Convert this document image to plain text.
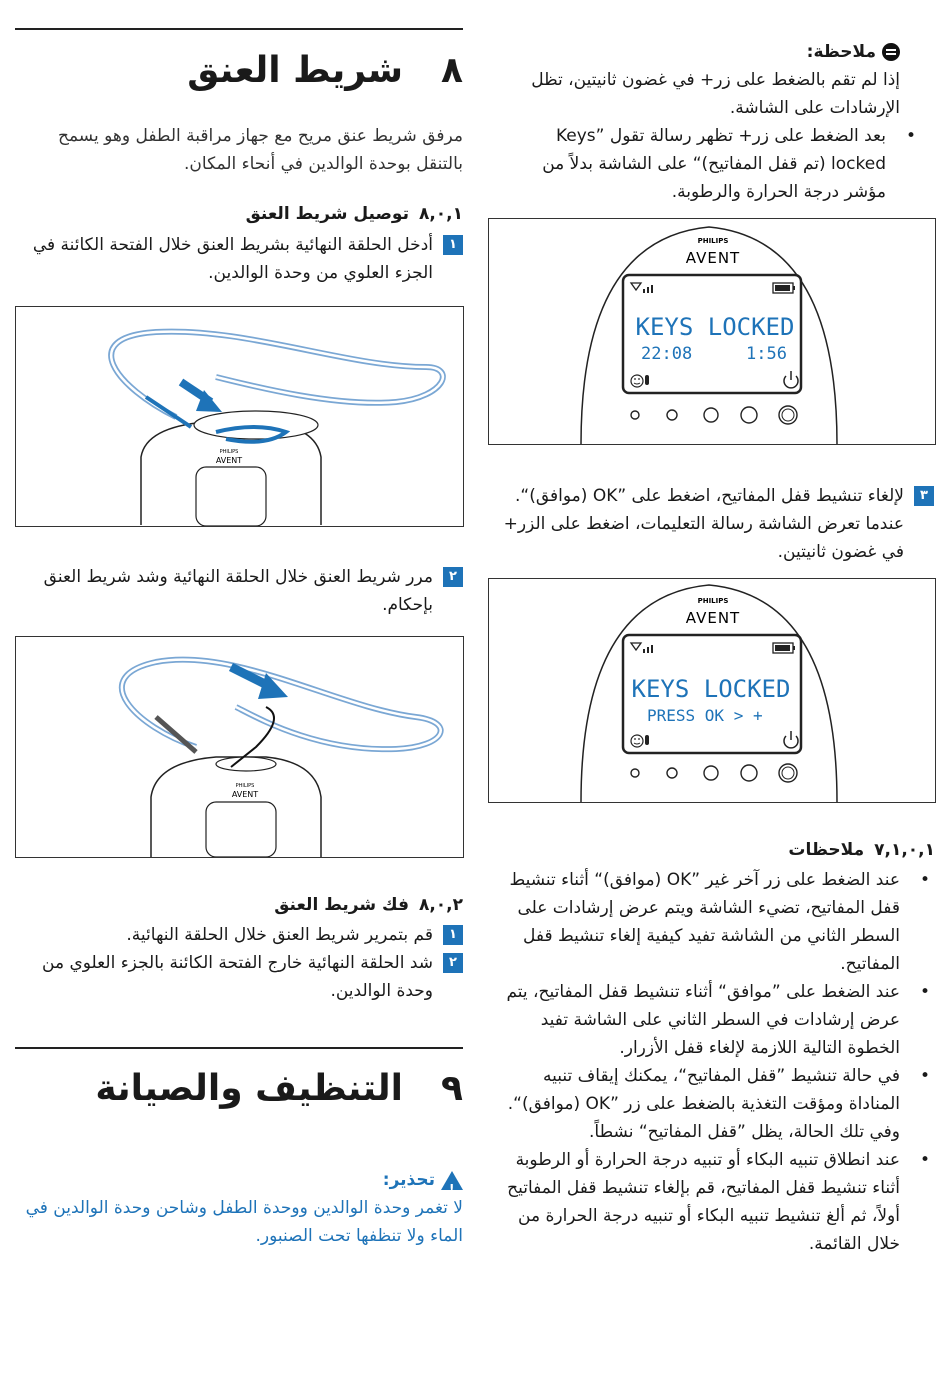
٨شريط العنق
مرفق شريط عنق مريح مع جهاز مراقبة الطفل وهو يسمح بالتنقل بوحدة الوالدين في أنحاء المكان.
٨,٠,١توصيل شريط العنق
١
أدخل الحلقة النهائية بشريط العنق خلال الفتحة الكائنة في الجزء العلوي من وحدة الوالدين.
PHILIPS
AVENT
٢
مرر شريط العنق خلال الحلقة النهائية وشد شريط العنق بإحكام.
PHILIPS
AVENT
٨,٠,٢فك شريط العنق
١
قم بتمرير شريط العنق خلال الحلقة النهائية.
٢
شد الحلقة النهائية خارج الفتحة الكائنة بالجزء العلوي من وحدة الوالدين.
٩التنظيف والصيانة
!
تحذير:
لا تغمر وحدة الوالدين ووحدة الطفل وشاحن وحدة الوالدين في الماء ولا تنظفها تحت الصنبور.
ملاحظة:
إذا لم تقم بالضغط على زر+ في غضون ثانيتين، تظل الإرشادات على الشاشة.
• بعد الضغط على زر+ تظهر رسالة تقول ”Keys locked (تم قفل المفاتيح)“ على الشاشة بدلاً من مؤشر درجة الحرارة والرطوبة.
PHILIPS
AVENT
KEYS LOCKED
22:08	1:56
٣
لإلغاء تنشيط قفل المفاتيح، اضغط على ”OK (موافق)“. عندما تعرض الشاشة رسالة التعليمات، اضغط على الزر+ في غضون ثانيتين.
PHILIPS
AVENT
KEYS LOCKED
PRESS OK > +
٧,١,٠,١ملاحظات
• عند الضغط على زر آخر غير ”OK (موافق)“ أثناء تنشيط قفل المفاتيح، تضيء الشاشة ويتم عرض إرشادات على السطر الثاني من الشاشة تفيد كيفية إلغاء تنشيط قفل المفاتيح.
• عند الضغط على ”موافق“ أثناء تنشيط قفل المفاتيح، يتم عرض إرشادات في السطر الثاني على الشاشة تفيد الخطوة التالية اللازمة لإلغاء قفل الأزرار.
• في حالة تنشيط ”قفل المفاتيح“، يمكنك إيقاف تنبيه المناداة ومؤقت التغذية بالضغط على زر ”OK (موافق)“. وفي تلك الحالة، يظل ”قفل المفاتيح“ نشطاً.
• عند انطلاق تنبيه البكاء أو تنبيه درجة الحرارة أو الرطوبة أثناء تنشيط قفل المفاتيح، قم بإلغاء تنشيط قفل المفاتيح أولاً، ثم ألغ تنشيط تنبيه البكاء أو تنبيه درجة الحرارة من خلال القائمة.
